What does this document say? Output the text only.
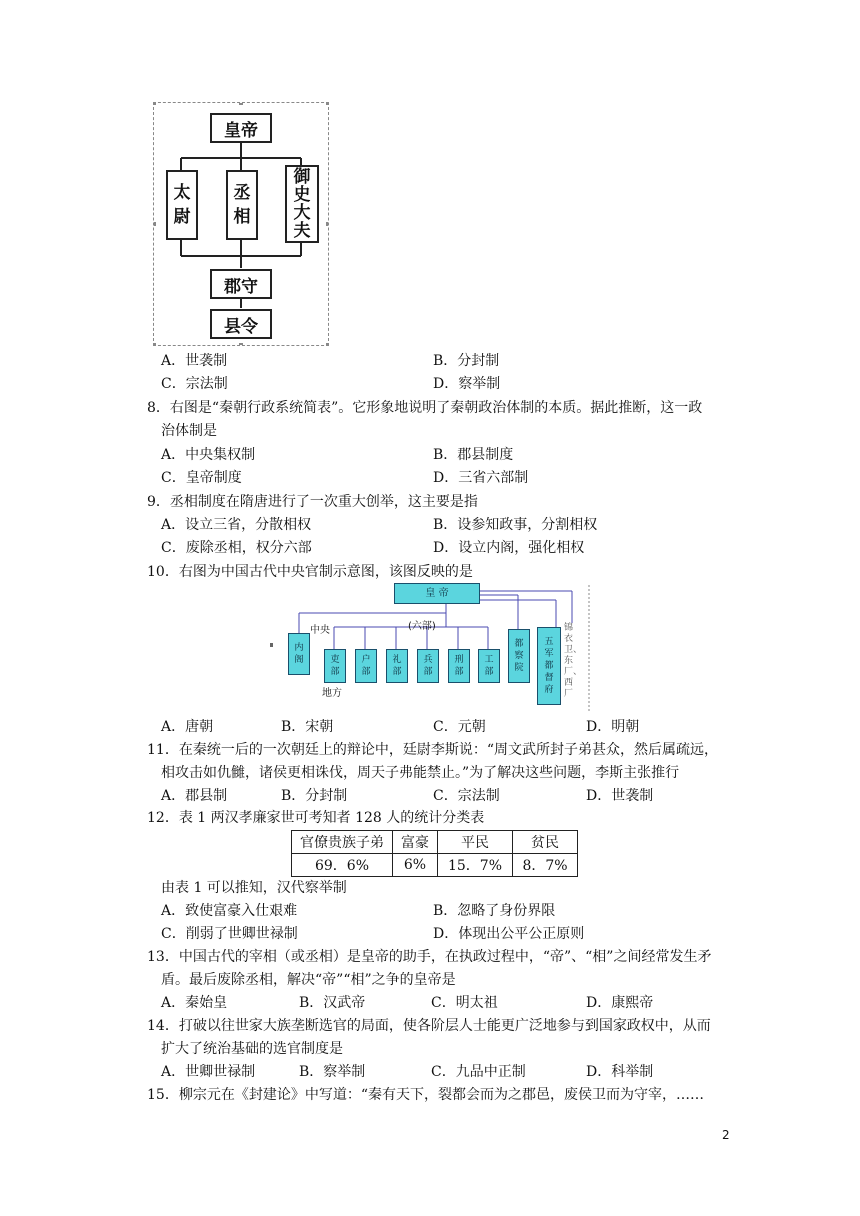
皇帝
太
尉
丞
相
御
史
大
夫
郡守
县令
A．世袭制	B．分封制
C．宗法制	D．察举制
8．右图是“秦朝行政系统简表”。它形象地说明了秦朝政治体制的本质。据此推断，这一政
治体制是
A．中央集权制	B．郡县制度
C．皇帝制度	D．三省六部制
9．丞相制度在隋唐进行了一次重大创举，这主要是指
A．设立三省，分散相权	B．设参知政事，分割相权
C．废除丞相，权分六部	D．设立内阁，强化相权
10．右图为中国古代中央官制示意图，该图反映的是
皇 帝
中央	(六部)
内
阁	吏
部
户
部
礼
部
兵
部
刑
部
工
部
地方
都
察
院
五
军
都
督
府
锦衣卫、东厂、西厂
A．唐朝	B．宋朝	C．元朝	D．明朝
11．在秦统一后的一次朝廷上的辩论中，廷尉李斯说：“周文武所封子弟甚众，然后属疏远，
相攻击如仇雠，诸侯更相诛伐，周天子弗能禁止。”为了解决这些问题，李斯主张推行
A．郡县制	B．分封制	C．宗法制	D．世袭制
12．表 1 两汉孝廉家世可考知者 128 人的统计分类表
官僚贵族子弟	富豪	平民	贫民
69．6%	6%	15．7%	8．7%
由表 1 可以推知，汉代察举制
A．致使富豪入仕艰难	B．忽略了身份界限
C．削弱了世卿世禄制	D．体现出公平公正原则
13．中国古代的宰相（或丞相）是皇帝的助手，在执政过程中，“帝”、“相”之间经常发生矛
盾。最后废除丞相，解决“帝”“相”之争的皇帝是
A．秦始皇	B．汉武帝	C．明太祖	D．康熙帝
14．打破以往世家大族垄断选官的局面，使各阶层人士能更广泛地参与到国家政权中，从而
扩大了统治基础的选官制度是
A．世卿世禄制	B．察举制	C．九品中正制	D．科举制
15．柳宗元在《封建论》中写道：“秦有天下，裂都会而为之郡邑，废侯卫而为守宰，……
2
